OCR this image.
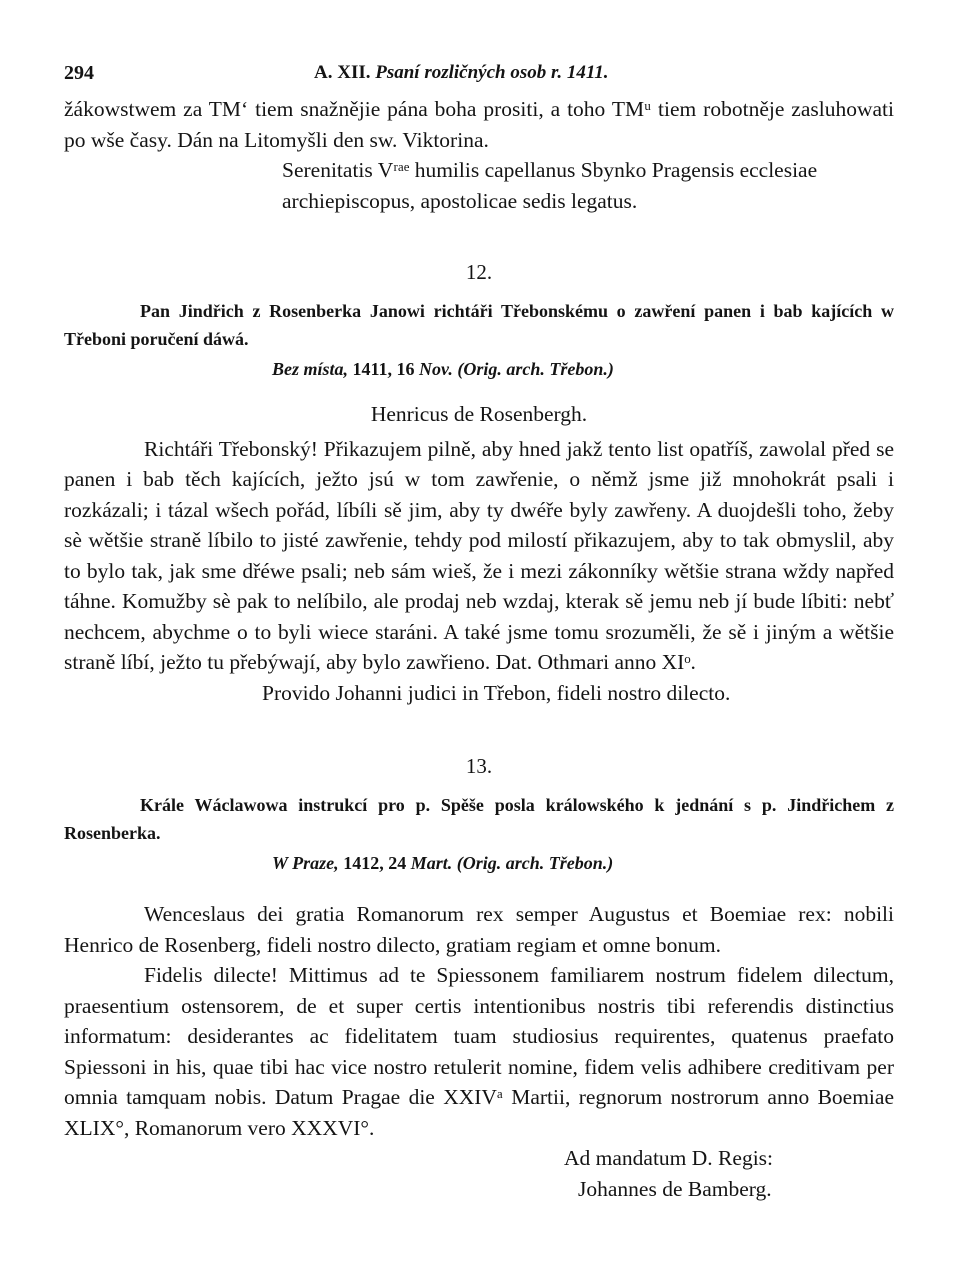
294	A. XII. Psaní rozličných osob r. 1411.

žákowstwem za TMʻ tiem snažnějie pána boha prositi, a toho TMᵘ tiem robotněje zasluhowati po wše časy. Dán na Litomyšli den sw. Viktorina.

Serenitatis Vʳᵃᵉ humilis capellanus Sbynko Pragensis ecclesiae

archiepiscopus, apostolicae sedis legatus.

12.

Pan Jindřich z Rosenberka Janowi richtáři Třebonskému o zawření panen i bab kajících w Třeboni poručení dáwá.

Bez místa, 1411, 16 Nov. (Orig. arch. Třebon.)

Henricus de Rosenbergh.

Richtáři Třebonský! Přikazujem pilně, aby hned jakž tento list opatříš, zawolal před se panen i bab těch kajících, ježto jsú w tom zawřenie, o němž jsme již mnohokrát psali i rozkázali; i tázal wšech pořád, líbíli sě jim, aby ty dwéře byly zawřeny. A duojdešli toho, žeby sè wětšie straně líbilo to jisté zawřenie, tehdy pod milostí přikazujem, aby to tak obmyslil, aby to bylo tak, jak sme dřéwe psali; neb sám wieš, že i mezi zákonníky wětšie strana wždy napřed táhne. Komužby sè pak to nelíbilo, ale prodaj neb wzdaj, kterak sě jemu neb jí bude líbiti: nebť nechcem, abychme o to byli wiece staráni. A také jsme tomu srozuměli, že sě i jiným a wětšie straně líbí, ježto tu přebýwají, aby bylo zawřieno. Dat. Othmari anno XIᵒ.

Provido Johanni judici in Třebon, fideli nostro dilecto.

13.

Krále Wáclawowa instrukcí pro p. Spěše posla králowského k jednání s p. Jindřichem z Rosenberka.

W Praze, 1412, 24 Mart. (Orig. arch. Třebon.)

Wenceslaus dei gratia Romanorum rex semper Augustus et Boemiae rex: nobili Henrico de Rosenberg, fideli nostro dilecto, gratiam regiam et omne bonum.

Fidelis dilecte! Mittimus ad te Spiessonem familiarem nostrum fidelem dilectum, praesentium ostensorem, de et super certis intentionibus nostris tibi referendis distinctius informatum: desiderantes ac fidelitatem tuam studiosius requirentes, quatenus praefato Spiessoni in his, quae tibi hac vice nostro retulerit nomine, fidem velis adhibere creditivam per omnia tamquam nobis. Datum Pragae die XXIVᵃ Martii, regnorum nostrorum anno Boemiae XLIX°, Romanorum vero XXXVI°.

Ad mandatum D. Regis:

Johannes de Bamberg.
